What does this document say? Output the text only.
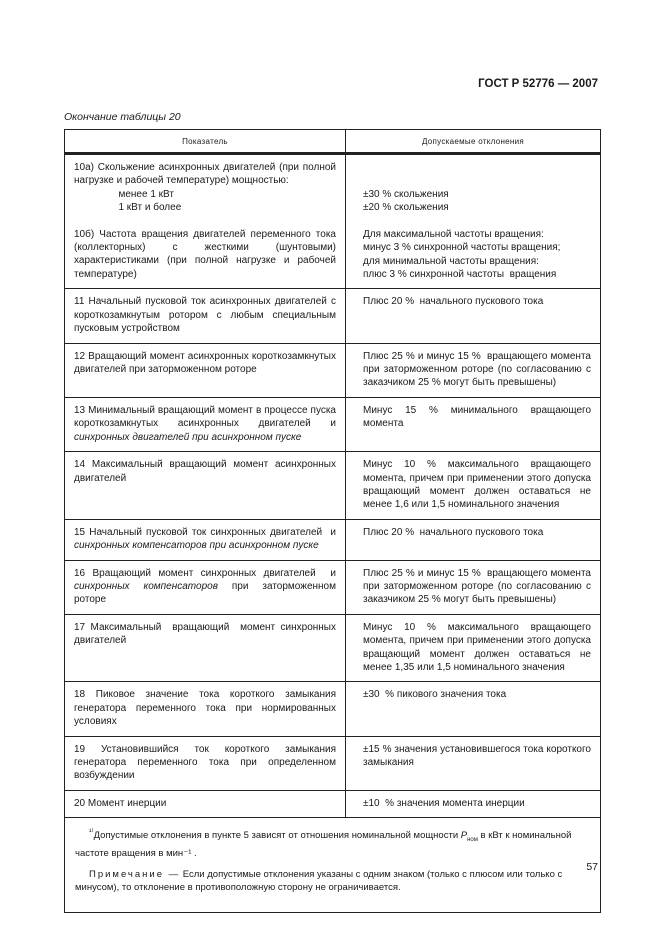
ГОСТ Р 52776 — 2007
Окончание таблицы 20
Показатель	Допускаемые отклонения
10а) Скольжение асинхронных двигателей (при полной нагрузке и рабочей температуре) мощностью:
менее 1 кВт
1 кВт и более
10б) Частота вращения двигателей переменного тока (коллекторных) с жесткими (шунтовыми) характеристиками (при полной нагрузке и рабочей температуре)
±30 % скольжения
±20 % скольжения
Для максимальной частоты вращения:
минус 3 % синхронной частоты вращения;
для минимальной частоты вращения:
плюс 3 % синхронной частоты  вращения
11 Начальный пусковой ток асинхронных двигателей с короткозамкнутым ротором с любым специальным пусковым устройством
Плюс 20 %  начального пускового тока
12 Вращающий момент асинхронных короткозамкнутых двигателей при заторможенном роторе
Плюс 25 % и минус 15 %  вращающего момента при заторможенном роторе (по согласованию с заказчиком 25 % могут быть превышены)
13 Минимальный вращающий момент в процессе пуска короткозамкнутых асинхронных двигателей и синхронных двигателей при асинхронном пуске
Минус 15 % минимального вращающего момента
14 Максимальный вращающий момент асинхронных двигателей
Минус 10 % максимального вращающего момента, причем при применении этого допуска вращающий момент должен оставаться не менее 1,6 или 1,5 номинального значения
15 Начальный пусковой ток синхронных двигателей  и синхронных компенсаторов при асинхронном пуске
Плюс 20 %  начального пускового тока
16 Вращающий момент синхронных двигателей  и синхронных компенсаторов при заторможенном роторе
Плюс 25 % и минус 15 %  вращающего момента при заторможенном роторе (по согласованию с заказчиком 25 % могут быть превышены)
17 Максимальный  вращающий  момент синхронных двигателей
Минус 10 % максимального вращающего момента, причем при применении этого допуска вращающий момент должен оставаться не менее 1,35 или 1,5 номинального значения
18 Пиковое значение тока короткого замыкания генератора переменного тока при нормированных условиях
±30  % пикового значения тока
19 Установившийся ток короткого замыкания генератора переменного тока при определенном возбуждении
±15 % значения установившегося тока короткого замыкания
20 Момент инерции	±10  % значения момента инерции

$^{^{1)}}$Допустимые отклонения в пункте 5 зависят от отношения номинальной мощности $P_{ном}$ в кВт к номинальной частоте вращения в мин⁻¹ .

Примечание — Если допустимые отклонения указаны с одним знаком (только с плюсом или только с минусом), то отклонение в противоположную сторону не ограничивается.

57
